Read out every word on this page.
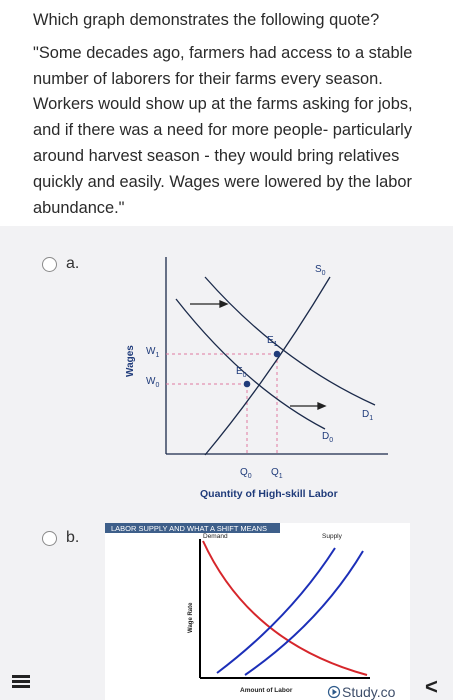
Which graph demonstrates the following quote?

"Some decades ago, farmers had access to a stable number of laborers for their farms every season. Workers would show up at the farms asking for jobs, and if there was a need for more people- particularly around harvest season - they would bring relatives quickly and easily. Wages were lowered by the labor abundance."

a.	$S_0$
$E_1$
$E_0$
$W_1$
$W_0$
$D_1$
$D_0$
$Q_0$ $Q_1$
Quantity of High-skill Labor
Wages
b.
LABOR SUPPLY AND WHAT A SHIFT MEANS
Demand	Supply
Wage Rate
Amount of Labor	Study.co <
